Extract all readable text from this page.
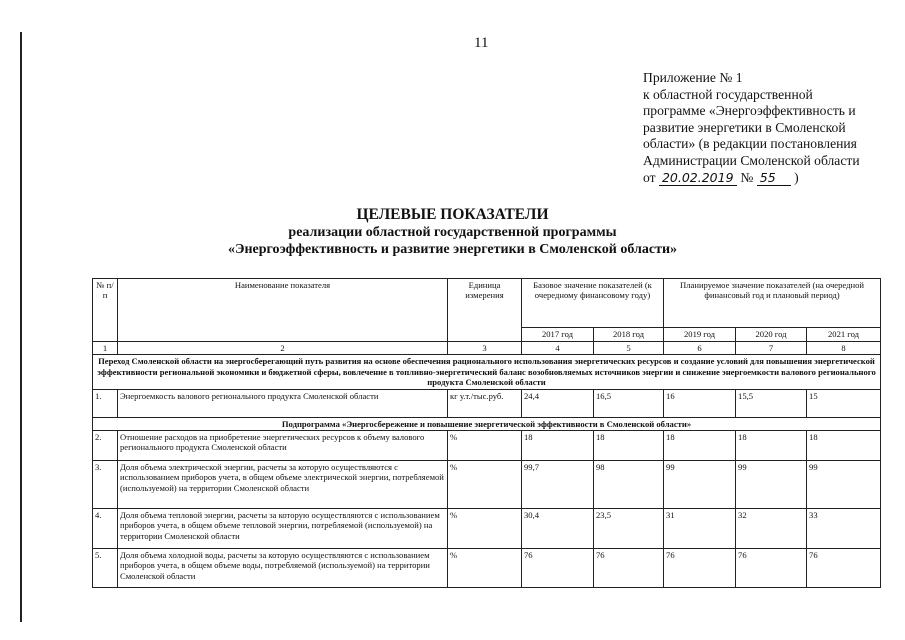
11
Приложение № 1
к областной государственной
программе «Энергоэффективность и
развитие энергетики в Смоленской
области» (в редакции постановления
Администрации Смоленской области
от 20.02.2019 № 55 )
ЦЕЛЕВЫЕ ПОКАЗАТЕЛИ
реализации областной государственной программы
«Энергоэффективность и развитие энергетики в Смоленской области»
№ п/п	Наименование показателя	Единица измерения	Базовое значение показателей (к очередному финансовому году)		Планируемое значение показателей (на очередной финансовый год и плановый период)		
			2017 год	2018 год	2019 год	2020 год	2021 год
1	2	3	4	5	6	7	8
Переход Смоленской области на энергосберегающий путь развития на основе обеспечения рационального использования энергетических ресурсов и создание условий для повышения энергетической эффективности региональной экономики и бюджетной сферы, вовлечение в топливно-энергетический баланс возобновляемых источников энергии и снижение энергоемкости валового регионального продукта Смоленской области							
1.	Энергоемкость валового регионального продукта Смоленской области	кг у.т./тыс.руб.	24,4	16,5	16	15,5	15
Подпрограмма «Энергосбережение и повышение энергетической эффективности в Смоленской области»							
2.	Отношение расходов на приобретение энергетических ресурсов к объему валового регионального продукта Смоленской области	%	18	18	18	18	18
3.	Доля объема электрической энергии, расчеты за которую осуществляются с использованием приборов учета, в общем объеме электрической энергии, потребляемой (используемой) на территории Смоленской области	%	99,7	98	99	99	99
4.	Доля объема тепловой энергии, расчеты за которую осуществляются с использованием приборов учета, в общем объеме тепловой энергии, потребляемой (используемой) на территории Смоленской области	%	30,4	23,5	31	32	33
5.	Доля объема холодной воды, расчеты за которую осуществляются с использованием приборов учета, в общем объеме воды, потребляемой (используемой) на территории Смоленской области	%	76	76	76	76	76
